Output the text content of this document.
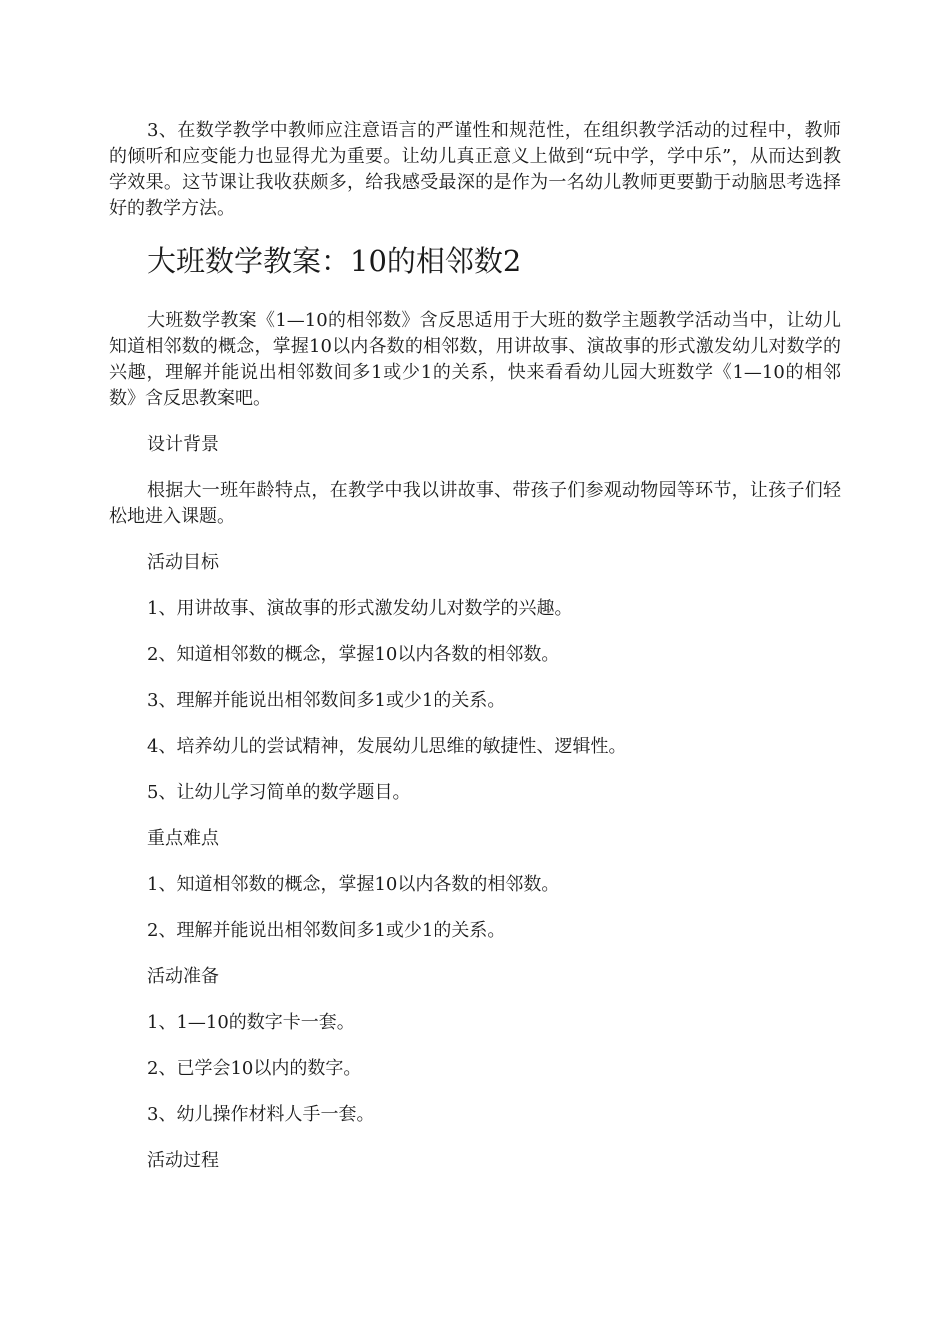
3、在数学教学中教师应注意语言的严谨性和规范性，在组织教学活动的过程中，教师的倾听和应变能力也显得尤为重要。让幼儿真正意义上做到“玩中学，学中乐”，从而达到教学效果。这节课让我收获颇多，给我感受最深的是作为一名幼儿教师更要勤于动脑思考选择好的教学方法。

大班数学教案：10的相邻数2

大班数学教案《1—10的相邻数》含反思适用于大班的数学主题教学活动当中，让幼儿知道相邻数的概念，掌握10以内各数的相邻数，用讲故事、演故事的形式激发幼儿对数学的兴趣，理解并能说出相邻数间多1或少1的关系，快来看看幼儿园大班数学《1—10的相邻数》含反思教案吧。

设计背景

根据大一班年龄特点，在教学中我以讲故事、带孩子们参观动物园等环节，让孩子们轻松地进入课题。

活动目标

1、用讲故事、演故事的形式激发幼儿对数学的兴趣。

2、知道相邻数的概念，掌握10以内各数的相邻数。

3、理解并能说出相邻数间多1或少1的关系。

4、培养幼儿的尝试精神，发展幼儿思维的敏捷性、逻辑性。

5、让幼儿学习简单的数学题目。

重点难点

1、知道相邻数的概念，掌握10以内各数的相邻数。

2、理解并能说出相邻数间多1或少1的关系。

活动准备

1、1—10的数字卡一套。

2、已学会10以内的数字。

3、幼儿操作材料人手一套。

活动过程
